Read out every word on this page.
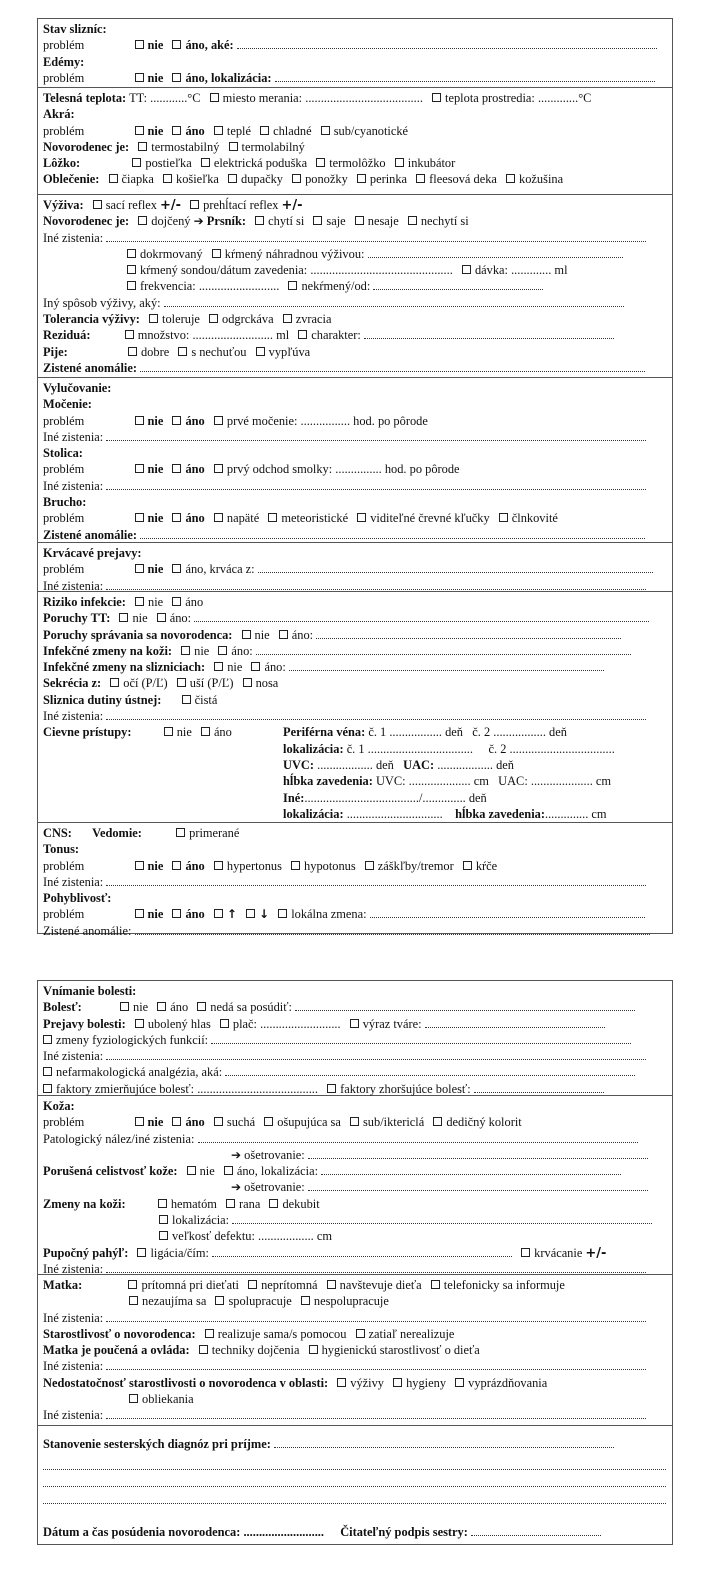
Stav slizníc:
problém	nie áno, aké:
Edémy:
problém	nie áno, lokalizácia:
Telesná teplota: TT: ............°C miesto merania: ...................................... teplota prostredia: .............°C
Akrá:
problém	nie áno teplé chladné sub/cyanotické
Novorodenec je: termostabilný termolabilný
Lôžko:	postieľka elektrická poduška termolôžko inkubátor
Oblečenie: čiapka košieľka dupačky ponožky perinka fleesová deka kožušina
Výživa: sací reflex +/- prehĺtací reflex +/-
Novorodenec je: dojčený ➔ Prsník: chytí si saje nesaje nechytí si
Iné zistenia:
dokrmovaný kŕmený náhradnou výživou:
kŕmený sondou/dátum zavedenia: .............................................. dávka: ............. ml
frekvencia: .......................... nekŕmený/od:
Iný spôsob výživy, aký:
Tolerancia výživy: toleruje odgrckáva zvracia
Reziduá:	množstvo: .......................... ml charakter:
Pije:	dobre s nechuťou vypľúva
Zistené anomálie:
Vylučovanie:
Močenie:
problém	nie áno prvé močenie: ................ hod. po pôrode
Iné zistenia:
Stolica:
problém	nie áno prvý odchod smolky: ............... hod. po pôrode
Iné zistenia:
Brucho:
problém	nie áno napäté meteoristické viditeľné črevné kľučky člnkovité
Zistené anomálie:
Krvácavé prejavy:
problém	nie áno, krváca z:
Iné zistenia:
Riziko infekcie: nie áno
Poruchy TT: nie áno:
Poruchy správania sa novorodenca: nie áno:
Infekčné zmeny na koži: nie áno:
Infekčné zmeny na slizniciach: nie áno:
Sekrécia z: očí (P/Ľ) uší (P/Ľ) nosa
Sliznica dutiny ústnej:	čistá
Iné zistenia:
Cievne prístupy:	nie áno	Periférna véna: č. 1 ................. deň č. 2 ................. deň
lokalizácia: č. 1 .................................. č. 2 ..................................
UVC: .................. deň UAC: .................. deň
hĺbka zavedenia: UVC: .................... cm UAC: .................... cm
Iné:...................................../.............. deň
lokalizácia: ............................... hĺbka zavedenia:.............. cm
CNS: Vedomie:	primerané
Tonus:
problém	nie áno hypertonus hypotonus záškľby/tremor kŕče
Iné zistenia:
Pohyblivosť:
problém	nie áno ↑ ↓ lokálna zmena:
Zistené anomálie:
Vnímanie bolesti:
Bolesť:	nie áno nedá sa posúdiť:
Prejavy bolesti: ubolený hlas plač: .......................... výraz tváre:
zmeny fyziologických funkcií:
Iné zistenia:
nefarmakologická analgézia, aká:
faktory zmierňujúce bolesť: ....................................... faktory zhoršujúce bolesť:
Koža:
problém	nie áno suchá ošupujúca sa sub/iktericlá dedičný kolorit
Patologický nález/iné zistenia:
➔ ošetrovanie:
Porušená celistvosť kože: nie áno, lokalizácia:
➔ ošetrovanie:
Zmeny na koži:	hematóm rana dekubit
lokalizácia:
veľkosť defektu: .................. cm
Pupočný pahýľ: ligácia/čím:	krvácanie +/-
Iné zistenia:
Matka:	prítomná pri dieťati neprítomná navštevuje dieťa telefonicky sa informuje
nezaujíma sa spolupracuje nespolupracuje
Iné zistenia:
Starostlivosť o novorodenca: realizuje sama/s pomocou zatiaľ nerealizuje
Matka je poučená a ovláda: techniky dojčenia hygienickú starostlivosť o dieťa
Iné zistenia:
Nedostatočnosť starostlivosti o novorodenca v oblasti: výživy hygieny vyprázdňovania
obliekania
Iné zistenia:
Stanovenie sesterských diagnóz pri príjme:
Dátum a čas posúdenia novorodenca: .......................... Čitateľný podpis sestry:
